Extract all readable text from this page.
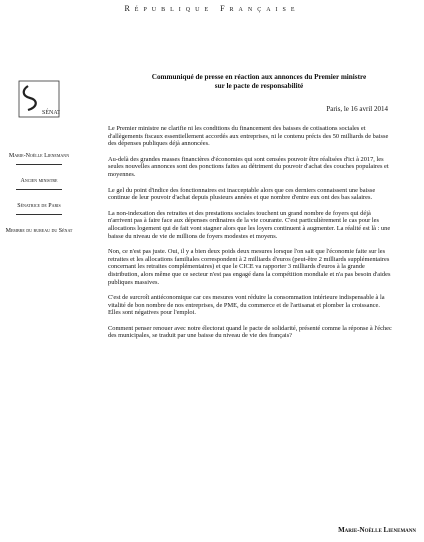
République Française
SÉNAT
Marie-Noëlle Lienemann
Ancien ministre
Sénatrice de Paris
Membre du bureau du Sénat
Communiqué de presse en réaction aux annonces du Premier ministre
sur le pacte de responsabilité
Paris, le 16 avril 2014

Le Premier ministre ne clarifie ni les conditions du financement des baisses de cotisations sociales et d'allègements fiscaux essentiellement accordés aux entreprises, ni le contenu précis des 50 milliards de baisse des dépenses publiques déjà annoncées.

Au-delà des grandes masses financières d'économies qui sont censées pouvoir être réalisées d'ici à 2017, les seules nouvelles annonces sont des ponctions faites au détriment du pouvoir d'achat des couches populaires et moyennes.

Le gel du point d'indice des fonctionnaires est inacceptable alors que ces derniers connaissent une baisse continue de leur pouvoir d'achat depuis plusieurs années et que nombre d'entre eux ont des bas salaires.

La non-indexation des retraites et des prestations sociales touchent un grand nombre de foyers qui déjà n'arrivent pas à faire face aux dépenses ordinaires de la vie courante. C'est particulièrement le cas pour les allocations logement qui de fait vont stagner alors que les loyers continuent à augmenter. La réalité est là : une baisse du niveau de vie de millions de foyers modestes et moyens.

Non, ce n'est pas juste. Oui, il y a bien deux poids deux mesures lorsque l'on sait que l'économie faite sur les retraites et les allocations familiales correspondent à 2 milliards d'euros (peut-être 2 milliards supplémentaires concernant les retraites complémentaires) et que le CICE va rapporter 3 milliards d'euros à la grande distribution, alors même que ce secteur n'est pas engagé dans la compétition mondiale et n'a pas besoin d'aides publiques massives.

C'est de surcroît antiéconomique car ces mesures vont réduire la consommation intérieure indispensable à la vitalité de bon nombre de nos entreprises, de PME, du commerce et de l'artisanat et plomber la croissance. Elles sont négatives pour l'emploi.

Comment penser renouer avec notre électorat quand le pacte de solidarité, présenté comme la réponse à l'échec des municipales, se traduit par une baisse du niveau de vie des français?

Marie-Noëlle Lienemann
